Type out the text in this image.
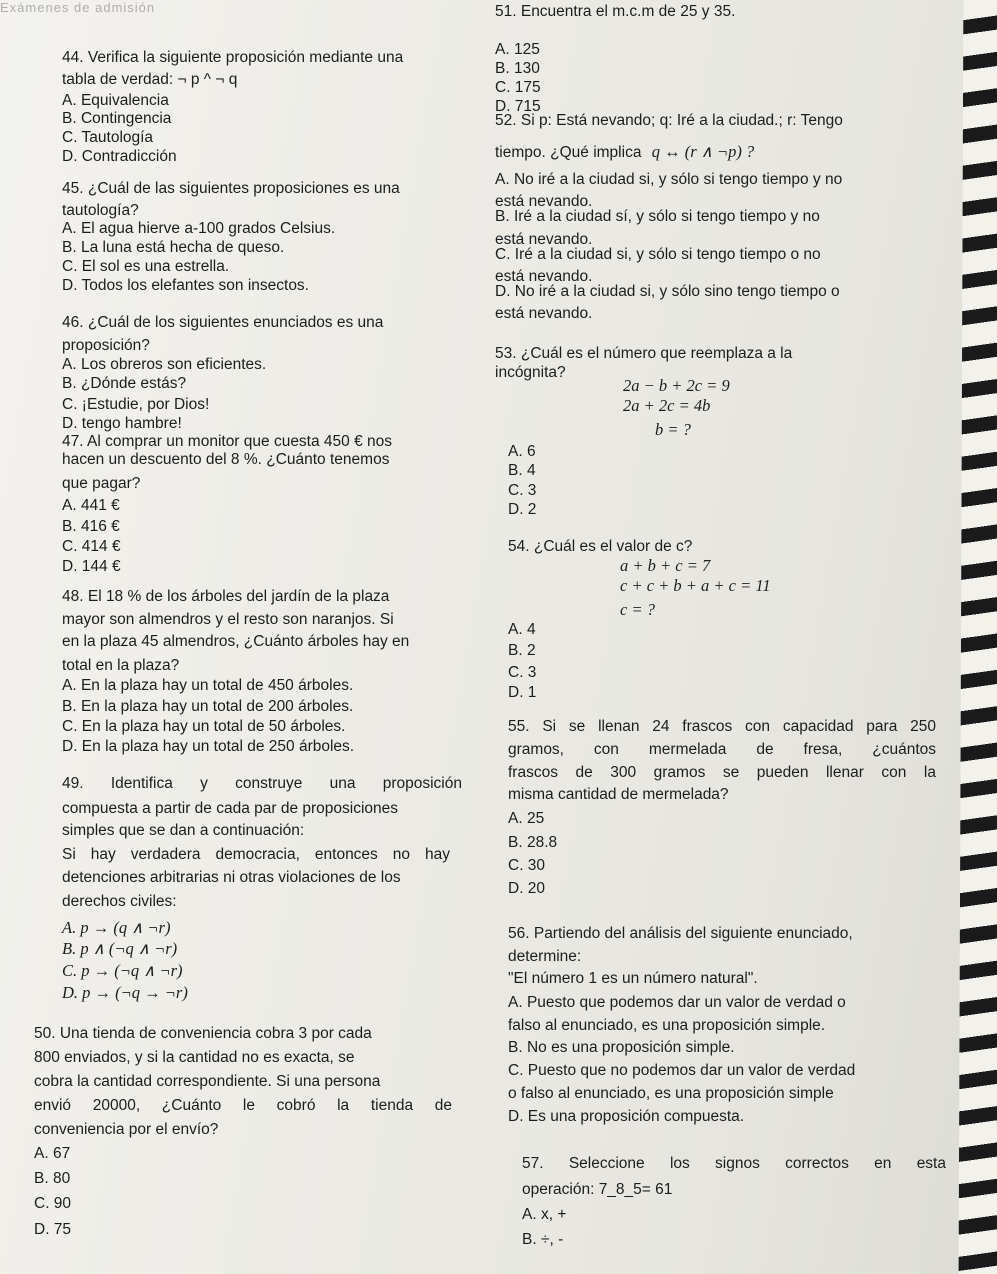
Exámenes de admisión	51. Encuentra el m.c.m de 25 y 35.
A. 125
B. 130
C. 175
D. 715
44. Verifica la siguiente proposición mediante una
tabla de verdad: ¬ p ^ ¬ q
A. Equivalencia
B. Contingencia
C. Tautología
D. Contradicción
52. Si p: Está nevando; q: Iré a la ciudad.; r: Tengo
tiempo. ¿Qué implica q ↔ (r ∧ ¬p) ?
A. No iré a la ciudad si, y sólo si tengo tiempo y no
está nevando.
B. Iré a la ciudad sí, y sólo si tengo tiempo y no
está nevando.
C. Iré a la ciudad si, y sólo si tengo tiempo o no
está nevando.
D. No iré a la ciudad si, y sólo sino tengo tiempo o
está nevando.
45. ¿Cuál de las siguientes proposiciones es una
tautología?
A. El agua hierve a-100 grados Celsius.
B. La luna está hecha de queso.
C. El sol es una estrella.
D. Todos los elefantes son insectos.
46. ¿Cuál de los siguientes enunciados es una
proposición?
A. Los obreros son eficientes.
B. ¿Dónde estás?
C. ¡Estudie, por Dios!
D. tengo hambre!
53. ¿Cuál es el número que reemplaza a la
incógnita?
2a − b + 2c = 9
2a + 2c = 4b
b = ?
A. 6
B. 4
C. 3
D. 2
47. Al comprar un monitor que cuesta 450 € nos
hacen un descuento del 8 %. ¿Cuánto tenemos
que pagar?
A. 441 €
B. 416 €
C. 414 €
D. 144 €
54. ¿Cuál es el valor de c?
a + b + c = 7
c + c + b + a + c = 11
c = ?
A. 4
B. 2
C. 3
D. 1
48. El 18 % de los árboles del jardín de la plaza
mayor son almendros y el resto son naranjos. Si
en la plaza 45 almendros, ¿Cuánto árboles hay en
total en la plaza?
A. En la plaza hay un total de 450 árboles.
B. En la plaza hay un total de 200 árboles.
C. En la plaza hay un total de 50 árboles.
D. En la plaza hay un total de 250 árboles.
55. Si se llenan 24 frascos con capacidad para 250
gramos, con mermelada de fresa, ¿cuántos
frascos de 300 gramos se pueden llenar con la
misma cantidad de mermelada?
A. 25
B. 28.8
C. 30
D. 20
49. Identifica y construye una proposición
compuesta a partir de cada par de proposiciones
simples que se dan a continuación:
Si hay verdadera democracia, entonces no hay
detenciones arbitrarias ni otras violaciones de los
derechos civiles:
A. p → (q ∧ ¬r)
B. p ∧ (¬q ∧ ¬r)
C. p → (¬q ∧ ¬r)
D. p → (¬q → ¬r)
56. Partiendo del análisis del siguiente enunciado,
determine:
"El número 1 es un número natural".
A. Puesto que podemos dar un valor de verdad o
falso al enunciado, es una proposición simple.
B. No es una proposición simple.
C. Puesto que no podemos dar un valor de verdad
o falso al enunciado, es una proposición simple
D. Es una proposición compuesta.
50. Una tienda de conveniencia cobra 3 por cada
800 enviados, y si la cantidad no es exacta, se
cobra la cantidad correspondiente. Si una persona
envió 20000, ¿Cuánto le cobró la tienda de
conveniencia por el envío?
A. 67
B. 80
C. 90
D. 75
57. Seleccione los signos correctos en esta
operación: 7_8_5= 61
A. x, +
B. ÷, -
